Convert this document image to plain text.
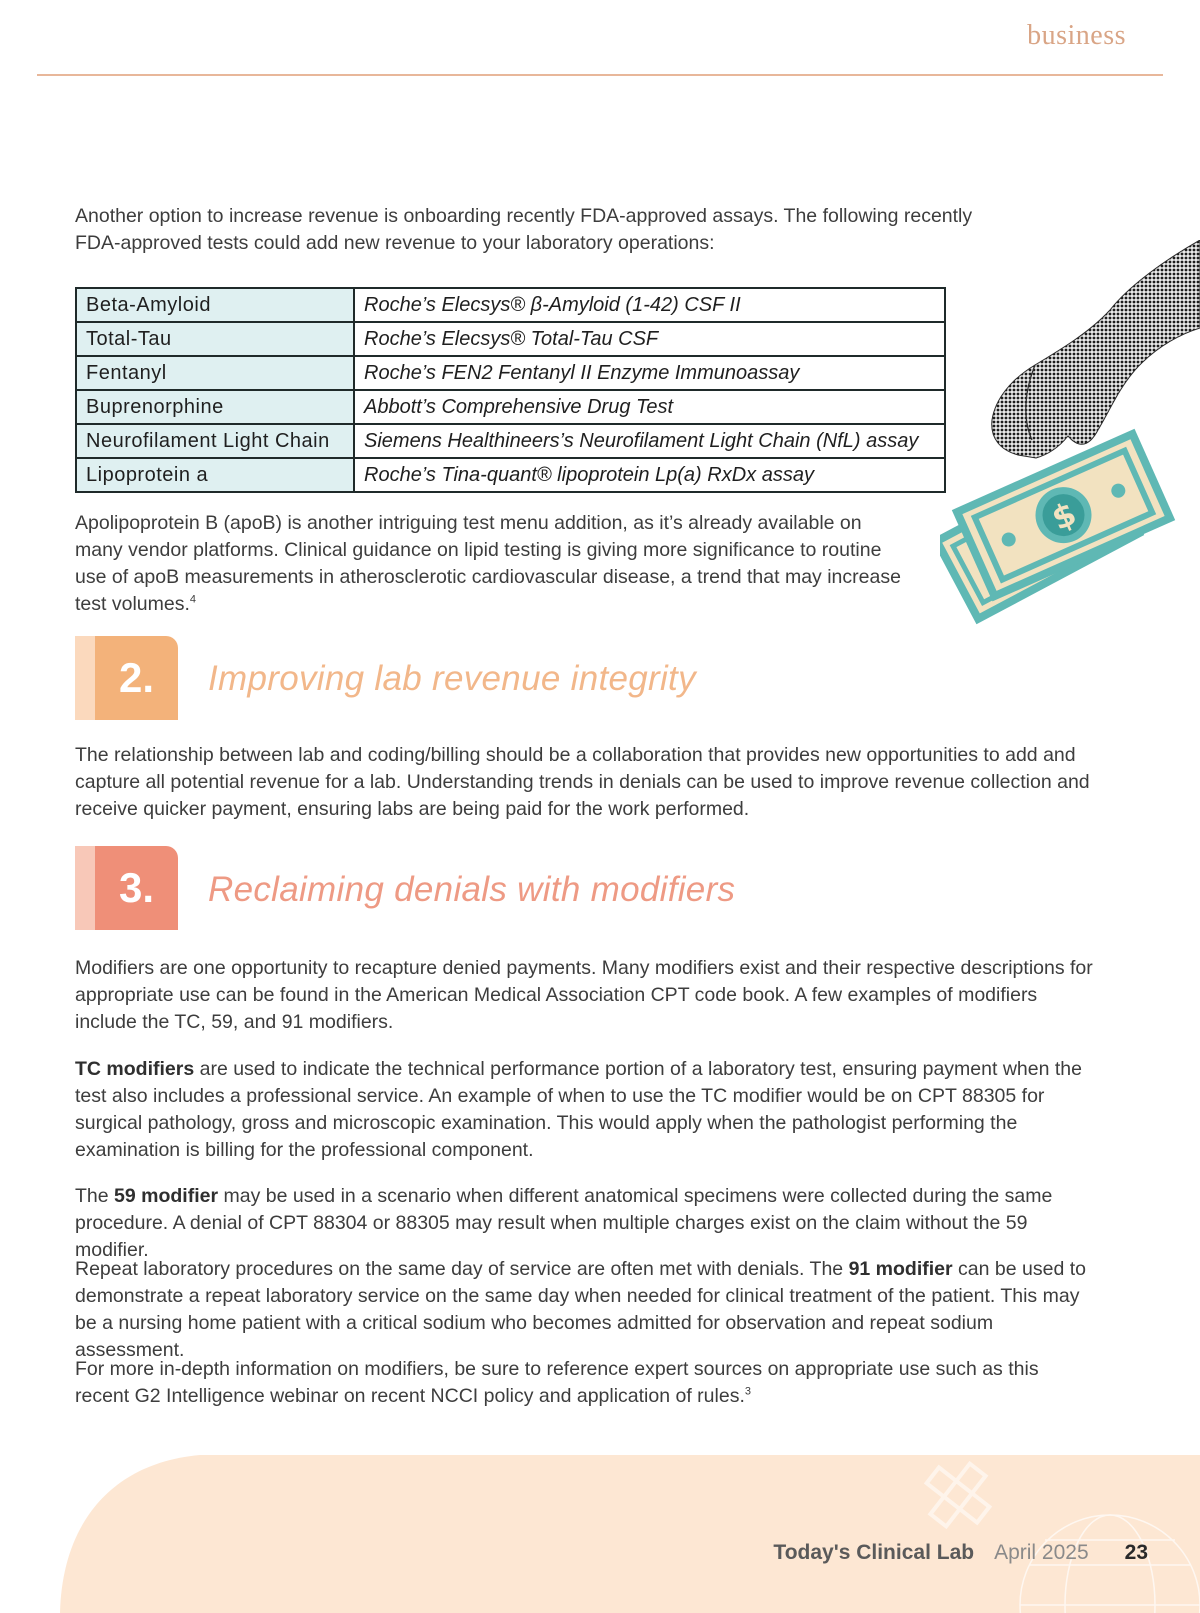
business

Another option to increase revenue is onboarding recently FDA-approved assays. The following recently FDA-approved tests could add new revenue to your laboratory operations:

Beta-Amyloid	Roche’s Elecsys® β-Amyloid (1-42) CSF II
Total-Tau	Roche’s Elecsys® Total-Tau CSF
Fentanyl	Roche’s FEN2 Fentanyl II Enzyme Immunoassay
Buprenorphine	Abbott’s Comprehensive Drug Test
Neurofilament Light Chain	Siemens Healthineers’s Neurofilament Light Chain (NfL) assay
Lipoprotein a	Roche’s Tina-quant® lipoprotein Lp(a) RxDx assay

Apolipoprotein B (apoB) is another intriguing test menu addition, as it’s already available on many vendor platforms. Clinical guidance on lipid testing is giving more significance to routine use of apoB measurements in atherosclerotic cardiovascular disease, a trend that may increase test volumes.$^4$

$
2.	Improving lab revenue integrity

The relationship between lab and coding/billing should be a collaboration that provides new opportunities to add and capture all potential revenue for a lab. Understanding trends in denials can be used to improve revenue collection and receive quicker payment, ensuring labs are being paid for the work performed.

3.	Reclaiming denials with modifiers

Modifiers are one opportunity to recapture denied payments. Many modifiers exist and their respective descriptions for appropriate use can be found in the American Medical Association CPT code book. A few examples of modifiers include the TC, 59, and 91 modifiers.

TC modifiers are used to indicate the technical performance portion of a laboratory test, ensuring payment when the test also includes a professional service. An example of when to use the TC modifier would be on CPT 88305 for surgical pathology, gross and microscopic examination. This would apply when the pathologist performing the examination is billing for the professional component.

The 59 modifier may be used in a scenario when different anatomical specimens were collected during the same procedure. A denial of CPT 88304 or 88305 may result when multiple charges exist on the claim without the 59 modifier.

Repeat laboratory procedures on the same day of service are often met with denials. The 91 modifier can be used to demonstrate a repeat laboratory service on the same day when needed for clinical treatment of the patient. This may be a nursing home patient with a critical sodium who becomes admitted for observation and repeat sodium assessment.

For more in-depth information on modifiers, be sure to reference expert sources on appropriate use such as this recent G2 Intelligence webinar on recent NCCI policy and application of rules.$^3$

Today's Clinical Lab April 2025 23
